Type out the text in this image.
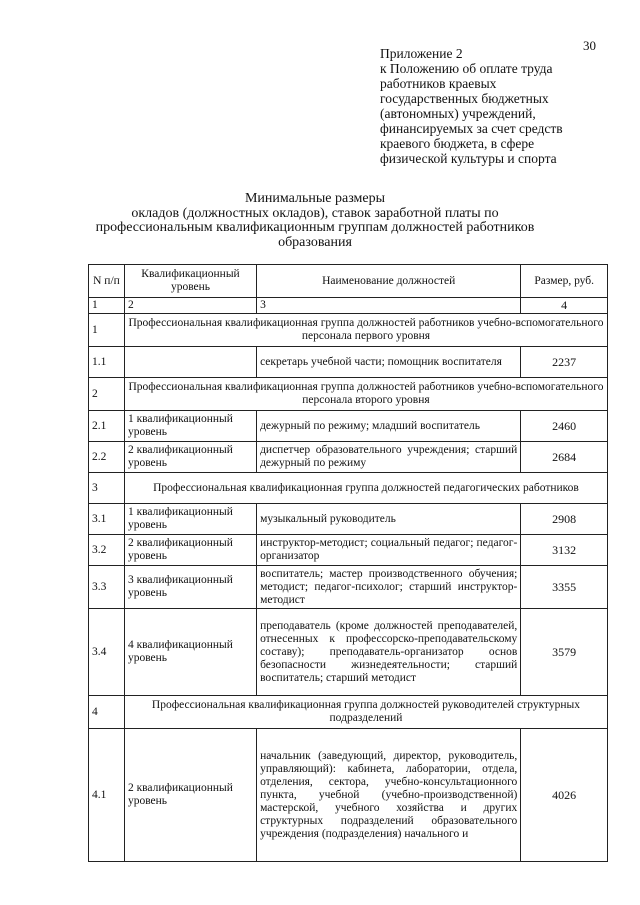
30
Приложение 2
к Положению об оплате труда
работников краевых
государственных бюджетных
(автономных) учреждений,
финансируемых за счет средств
краевого бюджета, в сфере
физической культуры и спорта
Минимальные размеры
окладов (должностных окладов), ставок заработной платы по
профессиональным квалификационным группам должностей работников
образования
N п/п	Квалификационный уровень	Наименование должностей	Размер, руб.
1	2	3	4
1	Профессиональная квалификационная группа должностей работников учебно-вспомогательного персонала первого уровня		
1.1		секретарь учебной части; помощник воспитателя	2237
2	Профессиональная квалификационная группа должностей работников учебно-вспомогательного персонала второго уровня		
2.1	1 квалификационный уровень	дежурный по режиму; младший воспитатель	2460
2.2	2 квалификационный уровень	диспетчер образовательного учреждения; старший дежурный по режиму	2684
3	Профессиональная квалификационная группа должностей педагогических работников		
3.1	1 квалификационный уровень	музыкальный руководитель	2908
3.2	2 квалификационный уровень	инструктор-методист; социальный педагог; педагог-организатор	3132
3.3	3 квалификационный уровень	воспитатель; мастер производственного обучения; методист; педагог-психолог; старший инструктор-методист	3355
3.4	4 квалификационный уровень	преподаватель (кроме должностей преподавателей, отнесенных к профессорско-преподавательскому составу); преподаватель-организатор основ безопасности жизнедеятельности; старший воспитатель; старший методист	3579
4	Профессиональная квалификационная группа должностей руководителей структурных подразделений		
4.1	2 квалификационный уровень	начальник (заведующий, директор, руководитель, управляющий): кабинета, лаборатории, отдела, отделения, сектора, учебно-консультационного пункта, учебной (учебно-производственной) мастерской, учебного хозяйства и других структурных подразделений образовательного учреждения (подразделения) начального и	4026
